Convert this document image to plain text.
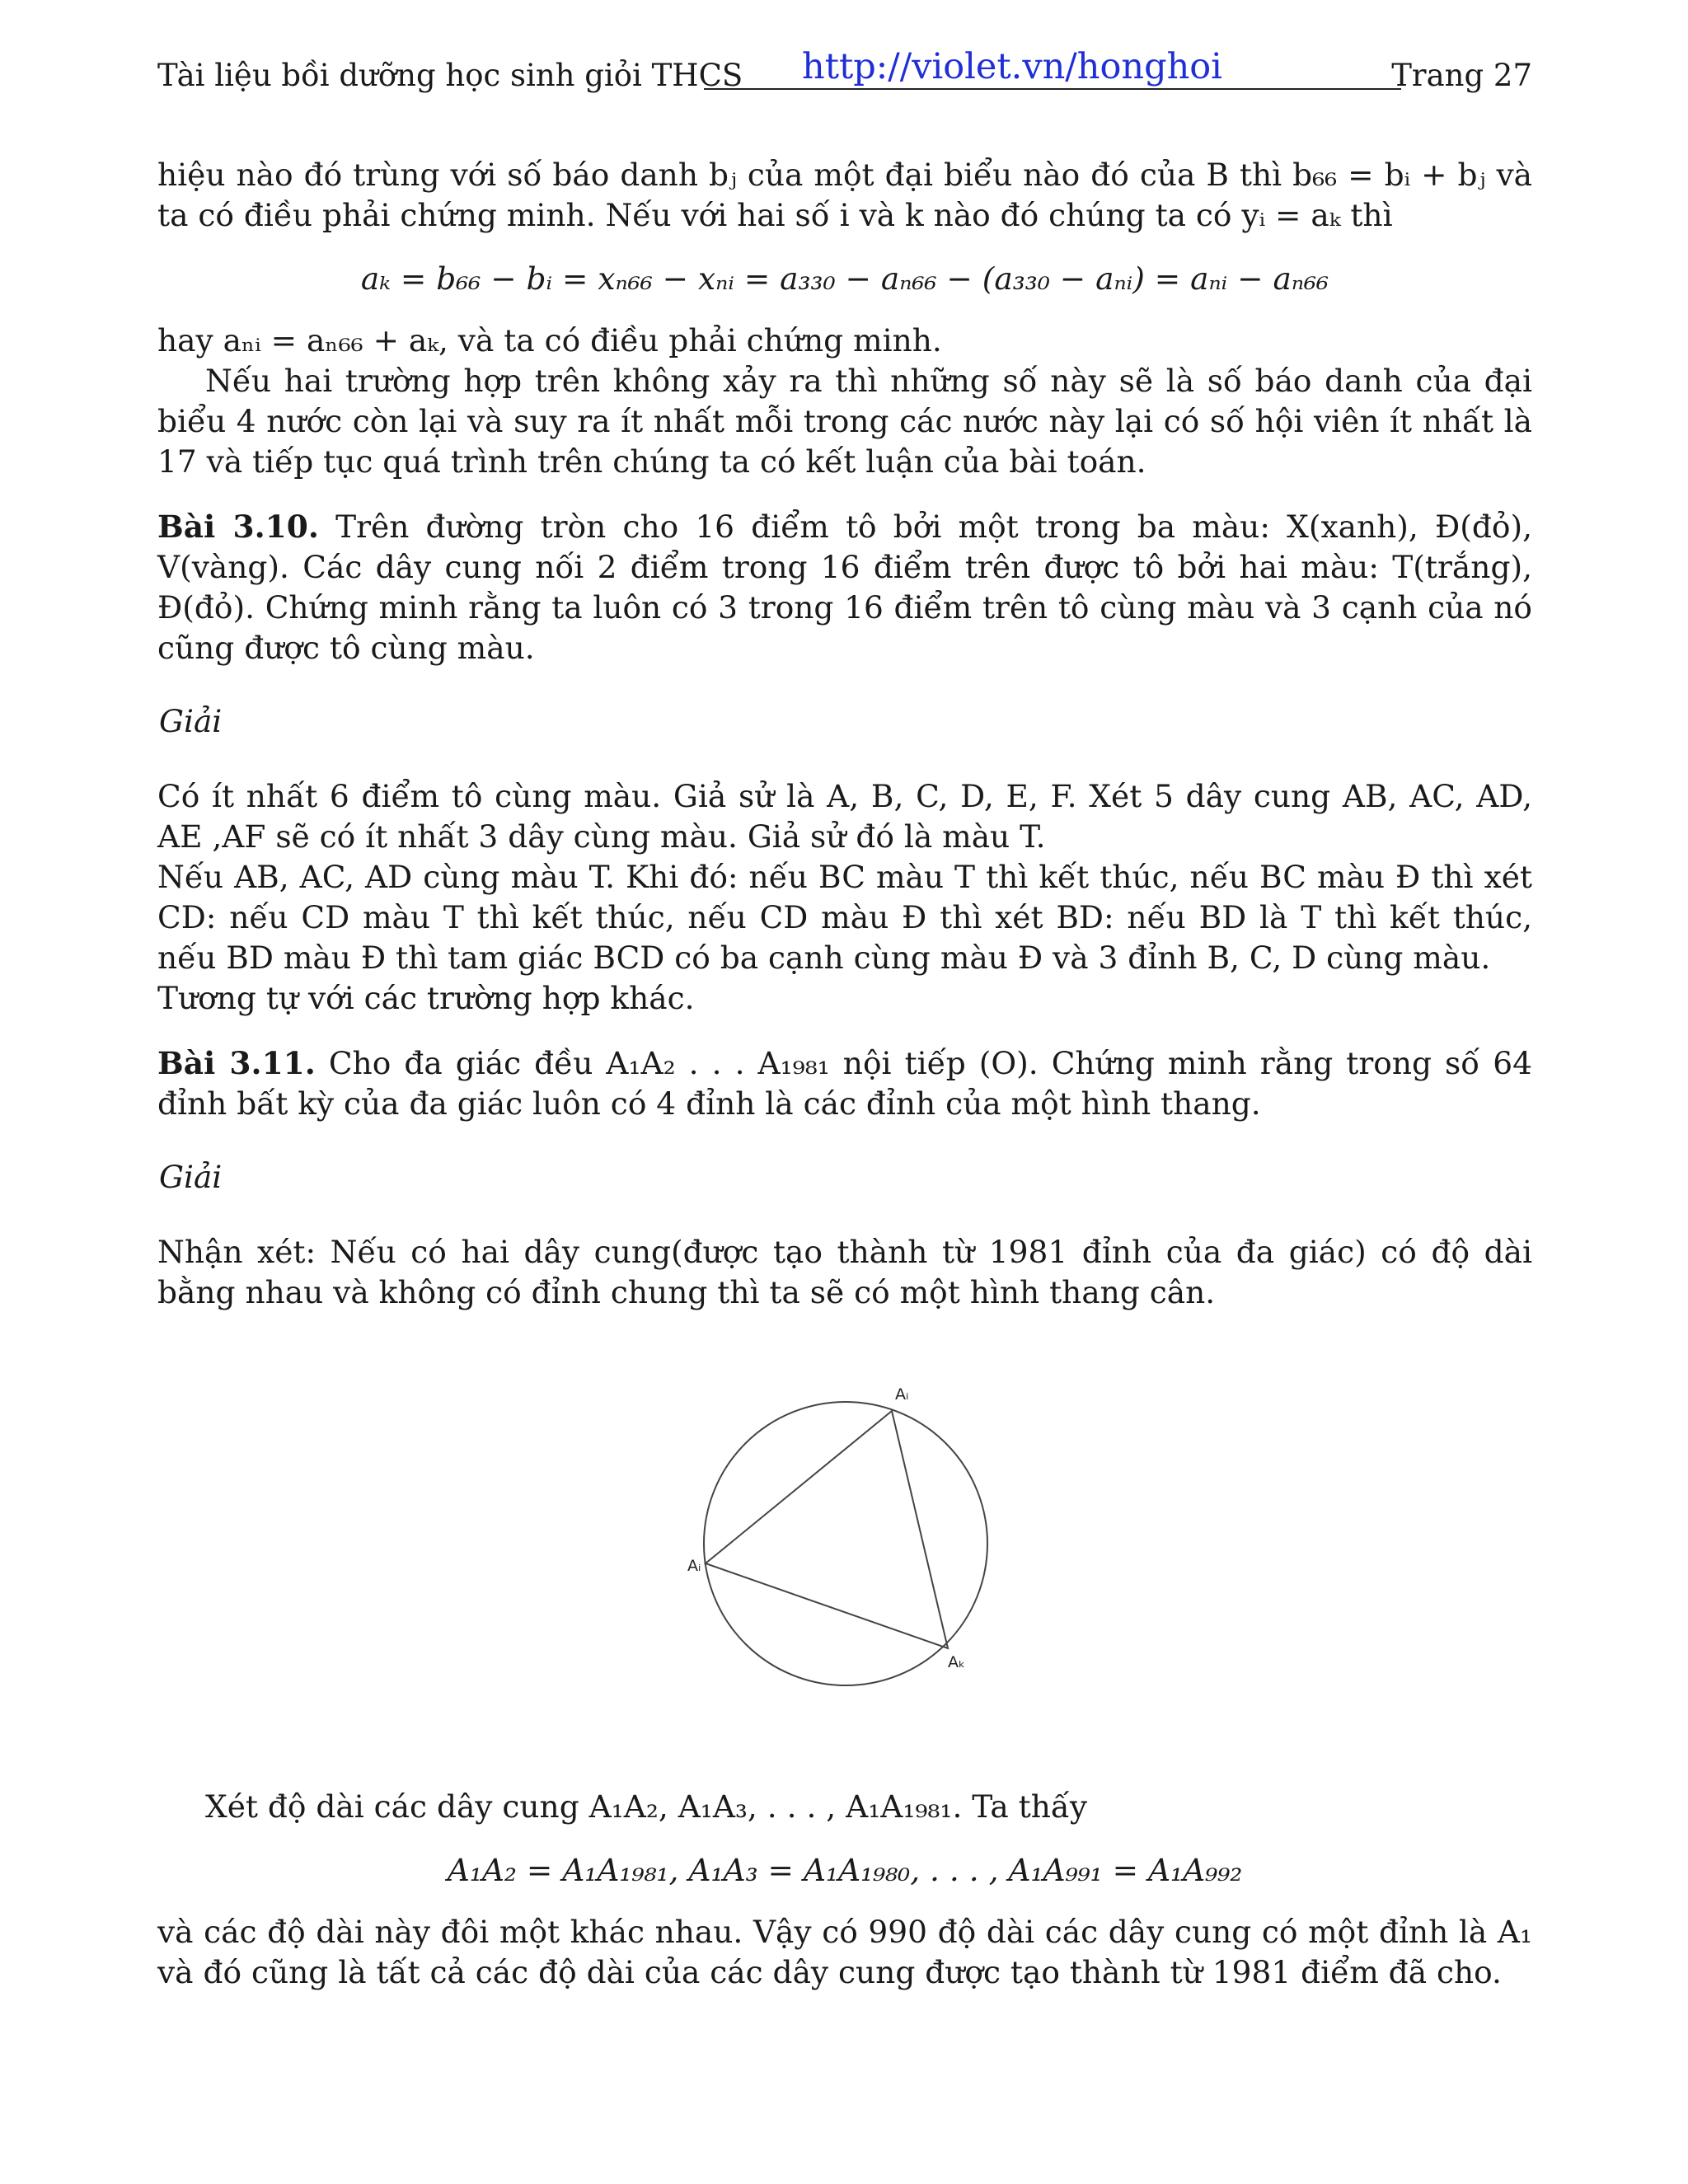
Tài liệu bồi dưỡng học sinh giỏi THCS http://violet.vn/honghoi	Trang 27

hiệu nào đó trùng với số báo danh bⱼ của một đại biểu nào đó của B thì b₆₆ = bᵢ + bⱼ và ta có điều phải chứng minh. Nếu với hai số i và k nào đó chúng ta có yᵢ = aₖ thì

aₖ = b₆₆ − bᵢ = xₙ₆₆ − xₙᵢ = a₃₃₀ − aₙ₆₆ − (a₃₃₀ − aₙᵢ) = aₙᵢ − aₙ₆₆

hay aₙᵢ = aₙ₆₆ + aₖ, và ta có điều phải chứng minh.

Nếu hai trường hợp trên không xảy ra thì những số này sẽ là số báo danh của đại biểu 4 nước còn lại và suy ra ít nhất mỗi trong các nước này lại có số hội viên ít nhất là 17 và tiếp tục quá trình trên chúng ta có kết luận của bài toán.

Bài 3.10. Trên đường tròn cho 16 điểm tô bởi một trong ba màu: X(xanh), Đ(đỏ), V(vàng). Các dây cung nối 2 điểm trong 16 điểm trên được tô bởi hai màu: T(trắng), Đ(đỏ). Chứng minh rằng ta luôn có 3 trong 16 điểm trên tô cùng màu và 3 cạnh của nó cũng được tô cùng màu.

Giải

Có ít nhất 6 điểm tô cùng màu. Giả sử là A, B, C, D, E, F. Xét 5 dây cung AB, AC, AD, AE ,AF sẽ có ít nhất 3 dây cùng màu. Giả sử đó là màu T.

Nếu AB, AC, AD cùng màu T. Khi đó: nếu BC màu T thì kết thúc, nếu BC màu Đ thì xét CD: nếu CD màu T thì kết thúc, nếu CD màu Đ thì xét BD: nếu BD là T thì kết thúc, nếu BD màu Đ thì tam giác BCD có ba cạnh cùng màu Đ và 3 đỉnh B, C, D cùng màu.

Tương tự với các trường hợp khác.

Bài 3.11. Cho đa giác đều A₁A₂ . . . A₁₉₈₁ nội tiếp (O). Chứng minh rằng trong số 64 đỉnh bất kỳ của đa giác luôn có 4 đỉnh là các đỉnh của một hình thang.

Giải

Nhận xét: Nếu có hai dây cung(được tạo thành từ 1981 đỉnh của đa giác) có độ dài bằng nhau và không có đỉnh chung thì ta sẽ có một hình thang cân.

Aᵢ
Aᵢ
Aₖ

Xét độ dài các dây cung A₁A₂, A₁A₃, . . . , A₁A₁₉₈₁. Ta thấy

A₁A₂ = A₁A₁₉₈₁, A₁A₃ = A₁A₁₉₈₀, . . . , A₁A₉₉₁ = A₁A₉₉₂

và các độ dài này đôi một khác nhau. Vậy có 990 độ dài các dây cung có một đỉnh là A₁ và đó cũng là tất cả các độ dài của các dây cung được tạo thành từ 1981 điểm đã cho.
